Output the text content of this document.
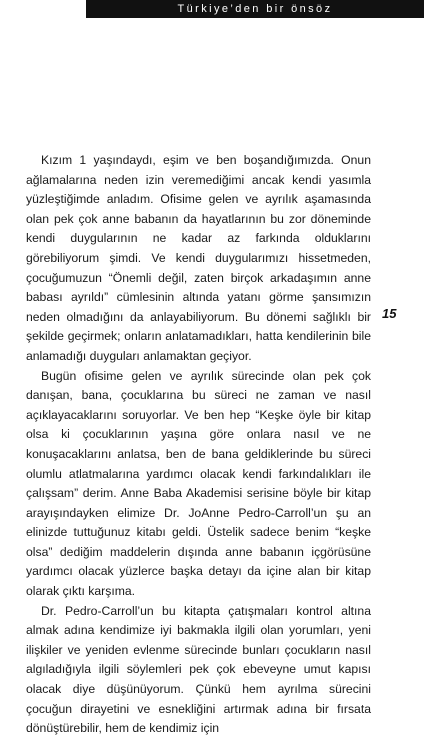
Türkiye’den bir önsöz

Kızım 1 yaşındaydı, eşim ve ben boşandığımızda. Onun ağlamalarına neden izin veremediğimi ancak kendi yasımla yüzleştiğimde anladım. Ofisime gelen ve ayrılık aşamasında olan pek çok anne babanın da hayatlarının bu zor döneminde kendi duygularının ne kadar az farkında olduklarını görebiliyorum şimdi. Ve kendi duygularımızı hissetmeden, çocuğumuzun “Önemli değil, zaten birçok arkadaşımın anne babası ayrıldı” cümlesinin altında yatanı görme şansımızın neden olmadığını da anlayabiliyorum. Bu dönemi sağlıklı bir şekilde geçirmek; onların anlatamadıkları, hatta kendilerinin bile anlamadığı duyguları anlamaktan geçiyor.

Bugün ofisime gelen ve ayrılık sürecinde olan pek çok danışan, bana, çocuklarına bu süreci ne zaman ve nasıl açıklayacaklarını soruyorlar. Ve ben hep “Keşke öyle bir kitap olsa ki çocuklarının yaşına göre onlara nasıl ve ne konuşacaklarını anlatsa, ben de bana geldiklerinde bu süreci olumlu atlatmalarına yardımcı olacak kendi farkındalıkları ile çalışsam” derim. Anne Baba Akademisi serisine böyle bir kitap arayışındayken elimize Dr. JoAnne Pedro-Carroll’un şu an elinizde tuttuğunuz kitabı geldi. Üstelik sadece benim “keşke olsa” dediğim maddelerin dışında anne babanın içgörüsüne yardımcı olacak yüzlerce başka detayı da içine alan bir kitap olarak çıktı karşıma.

Dr. Pedro-Carroll’un bu kitapta çatışmaları kontrol altına almak adına kendimize iyi bakmakla ilgili olan yorumları, yeni ilişkiler ve yeniden evlenme sürecinde bunları çocukların nasıl algıladığıyla ilgili söylemleri pek çok ebeveyne umut kapısı olacak diye düşünüyorum. Çünkü hem ayrılma sürecini çocuğun dirayetini ve esnekliğini artırmak adına bir fırsata dönüştürebilir, hem de kendimiz için

15
